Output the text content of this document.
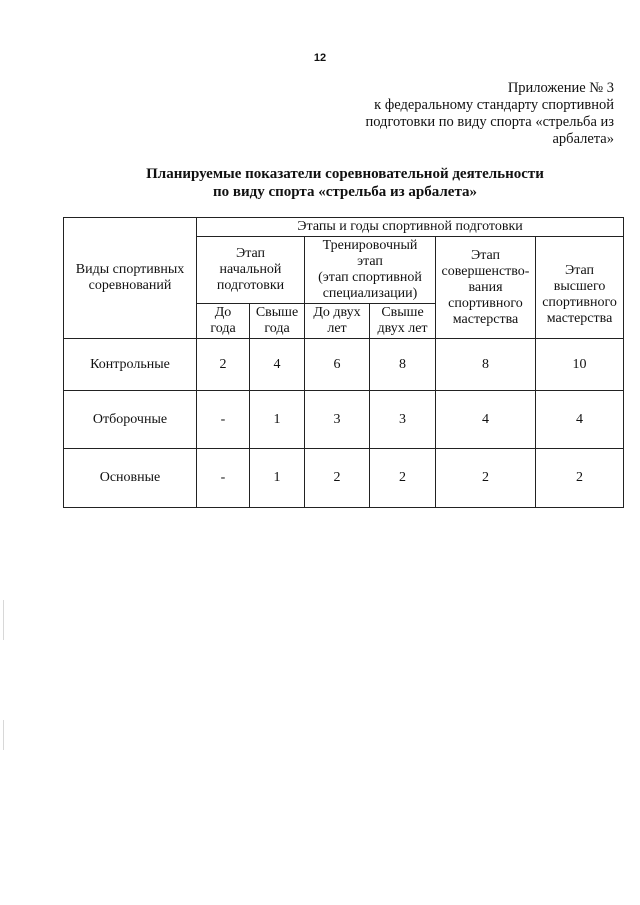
12
Приложение № 3
к федеральному стандарту спортивной
подготовки по виду спорта «стрельба из
арбалета»
Планируемые показатели соревновательной деятельности
по виду спорта «стрельба из арбалета»
Виды спортивных
соревнований	Этапы и годы спортивной подготовки					

	Этап
начальной
подготовки		Тренировочный
этап
(этап спортивной
специализации)		Этап
совершенство-
вания
спортивного
мастерства	Этап
высшего
спортивного
мастерства

	До
года	Свыше
года	До двух
лет	Свыше
двух лет		

Контрольные	2	4	6	8	8	10
Отборочные	-	1	3	3	4	4
Основные	-	1	2	2	2	2
